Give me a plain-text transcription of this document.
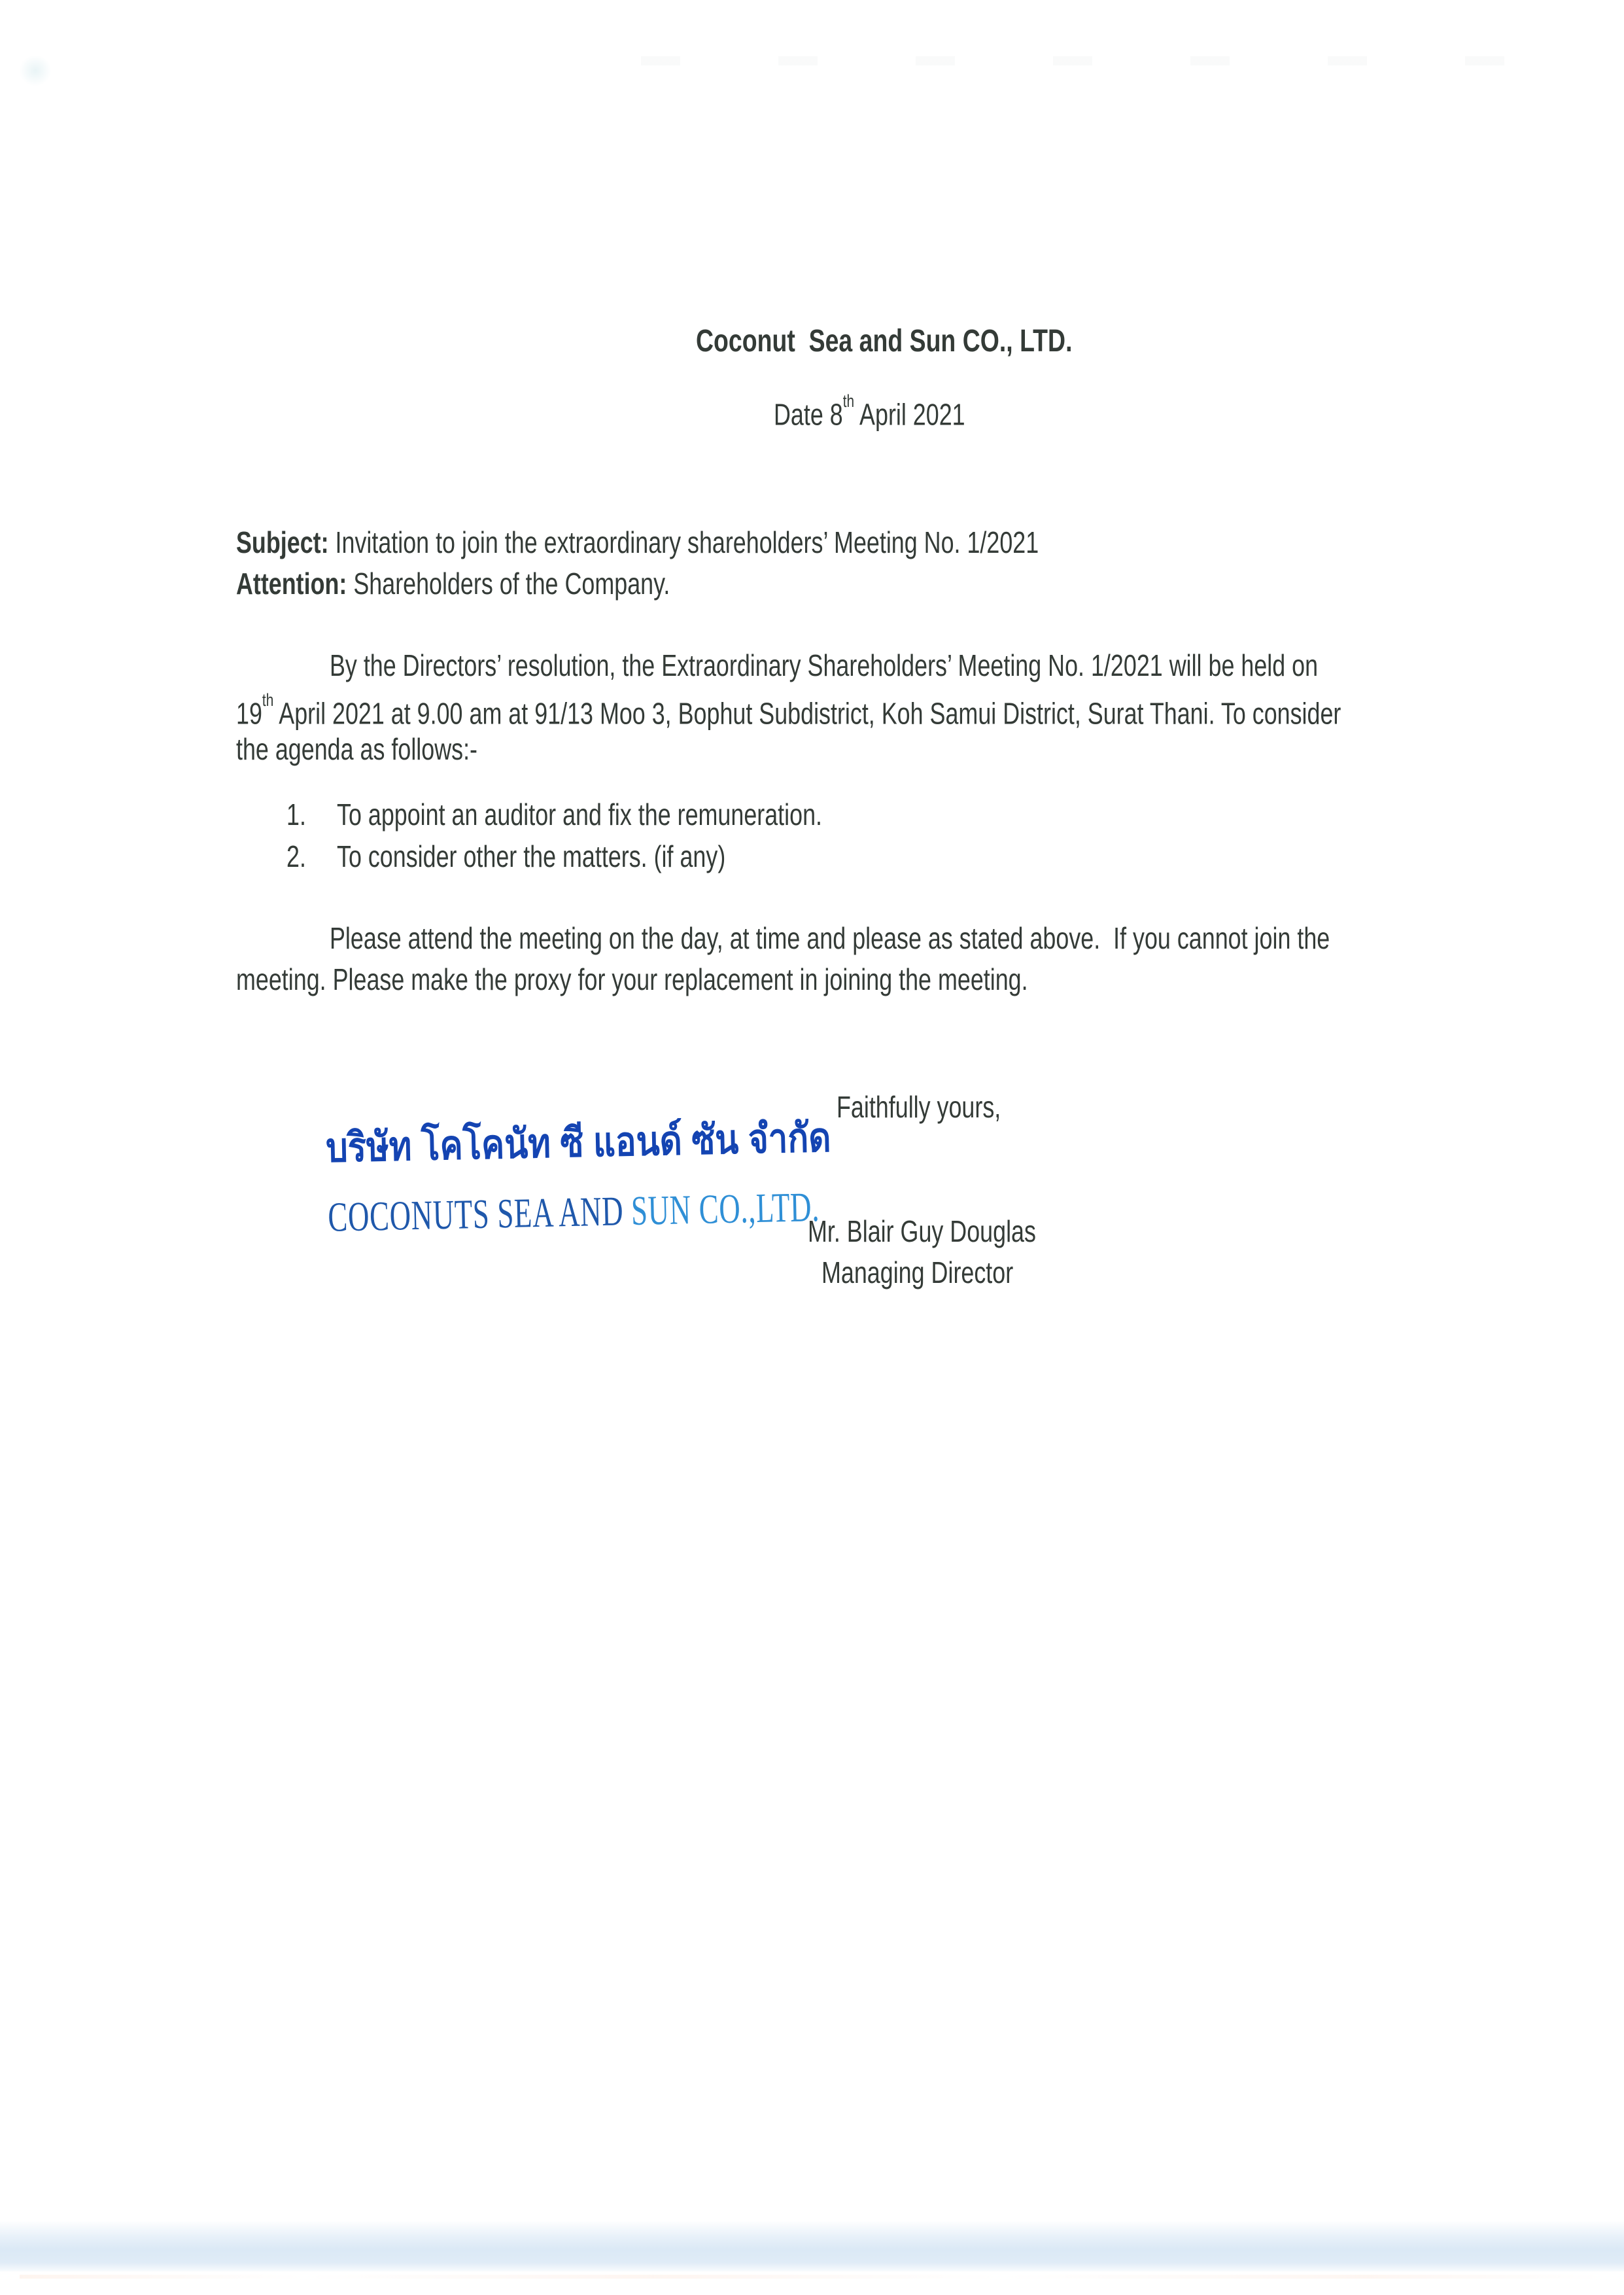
Coconut  Sea and Sun CO., LTD.

Date 8th April 2021

Subject: Invitation to join the extraordinary shareholders’ Meeting No. 1/2021

Attention: Shareholders of the Company.

By the Directors’ resolution, the Extraordinary Shareholders’ Meeting No. 1/2021 will be held on

19th April 2021 at 9.00 am at 91/13 Moo 3, Bophut Subdistrict, Koh Samui District, Surat Thani. To consider

the agenda as follows:-

1.
	To appoint an auditor and fix the remuneration.

2.
	To consider other the matters. (if any)

Please attend the meeting on the day, at time and please as stated above.  If you cannot join the

meeting. Please make the proxy for your replacement in joining the meeting.

Faithfully yours,

บริษัท โคโคนัท ซี แอนด์ ซัน จำกัด

COCONUTS SEA AND SUN CO.,LTD.

Mr. Blair Guy Douglas

Managing Director
